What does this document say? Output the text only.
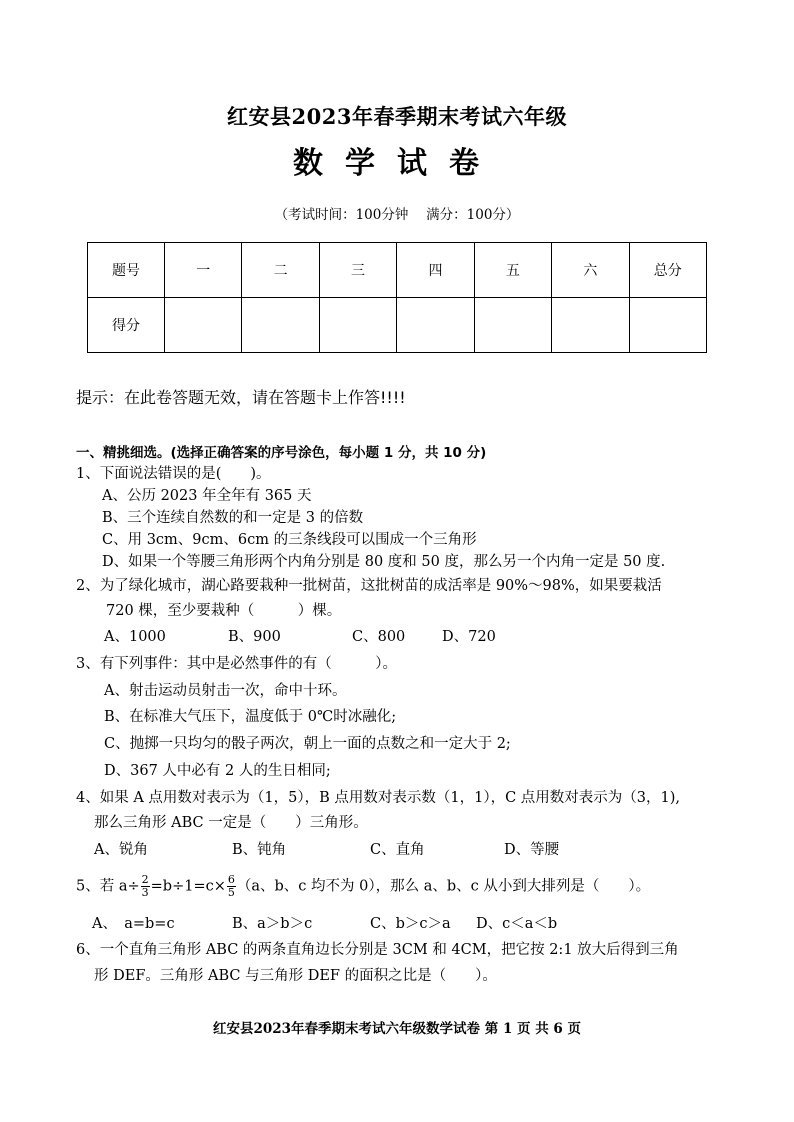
红安县2023年春季期末考试六年级
数学试卷
（考试时间：100分钟　 满分：100分）
题号	一	二	三	四	五	六	总分
得分							
提示：在此卷答题无效，请在答题卡上作答!!!!
一、精挑细选。(选择正确答案的序号涂色，每小题 1 分，共 10 分)
1、下面说法错误的是(　　)。
A、公历 2023 年全年有 365 天
B、三个连续自然数的和一定是 3 的倍数
C、用 3cm、9cm、6cm 的三条线段可以围成一个三角形
D、如果一个等腰三角形两个内角分别是 80 度和 50 度，那么另一个内角一定是 50 度.
2、为了绿化城市，湖心路要栽种一批树苗，这批树苗的成活率是 90%～98%，如果要栽活
720 棵，至少要栽种（　　　）棵。
A、1000	B、900	C、800	D、720
3、有下列事件：其中是必然事件的有（　　　）。
A、射击运动员射击一次，命中十环。
B、在标准大气压下，温度低于 0℃时冰融化;
C、抛掷一只均匀的骰子两次，朝上一面的点数之和一定大于 2;
D、367 人中必有 2 人的生日相同;
4、如果 A 点用数对表示为（1，5），B 点用数对表示数（1，1），C 点用数对表示为（3，1),
那么三角形 ABC 一定是（　　）三角形。
A、锐角	B、钝角	C、直角	D、等腰
5、若 $a\div \frac{2}{3} =b\div 1=c\times \frac{6}{5} (a$、b、c 均不为 0），那么 a、b、c 从小到大排列是（　　）。
A、　a=b=c	B、a＞b＞c	C、b＞c＞a D、c＜a＜b
6、一个直角三角形 ABC 的两条直角边长分别是 3CM 和 4CM，把它按 2:1 放大后得到三角
形 DEF。三角形 ABC 与三角形 DEF 的面积之比是（　　）。
红安县2023年春季期末考试六年级数学试卷 第 1 页 共 6 页
